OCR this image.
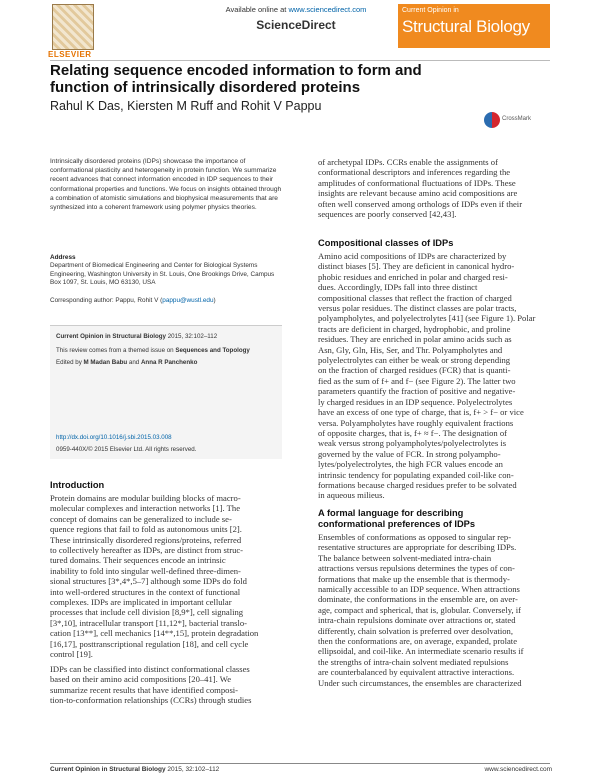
ELSEVIER
Available online at www.sciencedirect.com
ScienceDirect
Current Opinion in
Structural Biology
Relating sequence encoded information to form and function of intrinsically disordered proteins
Rahul K Das, Kiersten M Ruff and Rohit V Pappu
CrossMark
Intrinsically disordered proteins (IDPs) showcase the importance of conformational plasticity and heterogeneity in protein function. We summarize recent advances that connect information encoded in IDP sequences to their conformational properties and functions. We focus on insights obtained through a combination of atomistic simulations and biophysical measurements that are synthesized into a coherent framework using polymer physics theories.
Address
Department of Biomedical Engineering and Center for Biological Systems Engineering, Washington University in St. Louis, One Brookings Drive, Campus Box 1097, St. Louis, MO 63130, USA
Corresponding author: Pappu, Rohit V (pappu@wustl.edu)
Current Opinion in Structural Biology 2015, 32:102–112
This review comes from a themed issue on Sequences and Topology
Edited by M Madan Babu and Anna R Panchenko
http://dx.doi.org/10.1016/j.sbi.2015.03.008
0959-440X/© 2015 Elsevier Ltd. All rights reserved.
Introduction
Protein domains are modular building blocks of macro-
molecular complexes and interaction networks [1]. The
concept of domains can be generalized to include se-
quence regions that fail to fold as autonomous units [2].
These intrinsically disordered regions/proteins, referred
to collectively hereafter as IDPs, are distinct from struc-
tured domains. Their sequences encode an intrinsic
inability to fold into singular well-defined three-dimen-
sional structures [3*,4*,5–7] although some IDPs do fold
into well-ordered structures in the context of functional
complexes. IDPs are implicated in important cellular
processes that include cell division [8,9*], cell signaling
[3*,10], intracellular transport [11,12*], bacterial translo-
cation [13**], cell mechanics [14**,15], protein degradation
[16,17], posttranscriptional regulation [18], and cell cycle
control [19].
IDPs can be classified into distinct conformational classes
based on their amino acid compositions [20–41]. We
summarize recent results that have identified composi-
tion-to-conformation relationships (CCRs) through studies
of archetypal IDPs. CCRs enable the assignments of
conformational descriptors and inferences regarding the
amplitudes of conformational fluctuations of IDPs. These
insights are relevant because amino acid compositions are
often well conserved among orthologs of IDPs even if their
sequences are poorly conserved [42,43].
Compositional classes of IDPs
Amino acid compositions of IDPs are characterized by
distinct biases [5]. They are deficient in canonical hydro-
phobic residues and enriched in polar and charged resi-
dues. Accordingly, IDPs fall into three distinct
compositional classes that reflect the fraction of charged
versus polar residues. The distinct classes are polar tracts,
polyampholytes, and polyelectrolytes [41] (see Figure 1). Polar
tracts are deficient in charged, hydrophobic, and proline
residues. They are enriched in polar amino acids such as
Asn, Gly, Gln, His, Ser, and Thr. Polyampholytes and
polyelectrolytes can either be weak or strong depending
on the fraction of charged residues (FCR) that is quanti-
fied as the sum of f+ and f− (see Figure 2). The latter two
parameters quantify the fraction of positive and negative-
ly charged residues in an IDP sequence. Polyelectrolytes
have an excess of one type of charge, that is, f+ > f− or vice
versa. Polyampholytes have roughly equivalent fractions
of opposite charges, that is, f+ ≈ f−. The designation of
weak versus strong polyampholytes/polyelectrolytes is
governed by the value of FCR. In strong polyampho-
lytes/polyelectrolytes, the high FCR values encode an
intrinsic tendency for populating expanded coil-like con-
formations because charged residues prefer to be solvated
in aqueous milieus.
A formal language for describing
conformational preferences of IDPs
Ensembles of conformations as opposed to singular rep-
resentative structures are appropriate for describing IDPs.
The balance between solvent-mediated intra-chain
attractions versus repulsions determines the types of con-
formations that make up the ensemble that is thermody-
namically accessible to an IDP sequence. When attractions
dominate, the conformations in the ensemble are, on aver-
age, compact and spherical, that is, globular. Conversely, if
intra-chain repulsions dominate over attractions or, stated
differently, chain solvation is preferred over desolvation,
then the conformations are, on average, expanded, prolate
ellipsoidal, and coil-like. An intermediate scenario results if
the strengths of intra-chain solvent mediated repulsions
are counterbalanced by equivalent attractive interactions.
Under such circumstances, the ensembles are characterized
Current Opinion in Structural Biology 2015, 32:102–112	www.sciencedirect.com
